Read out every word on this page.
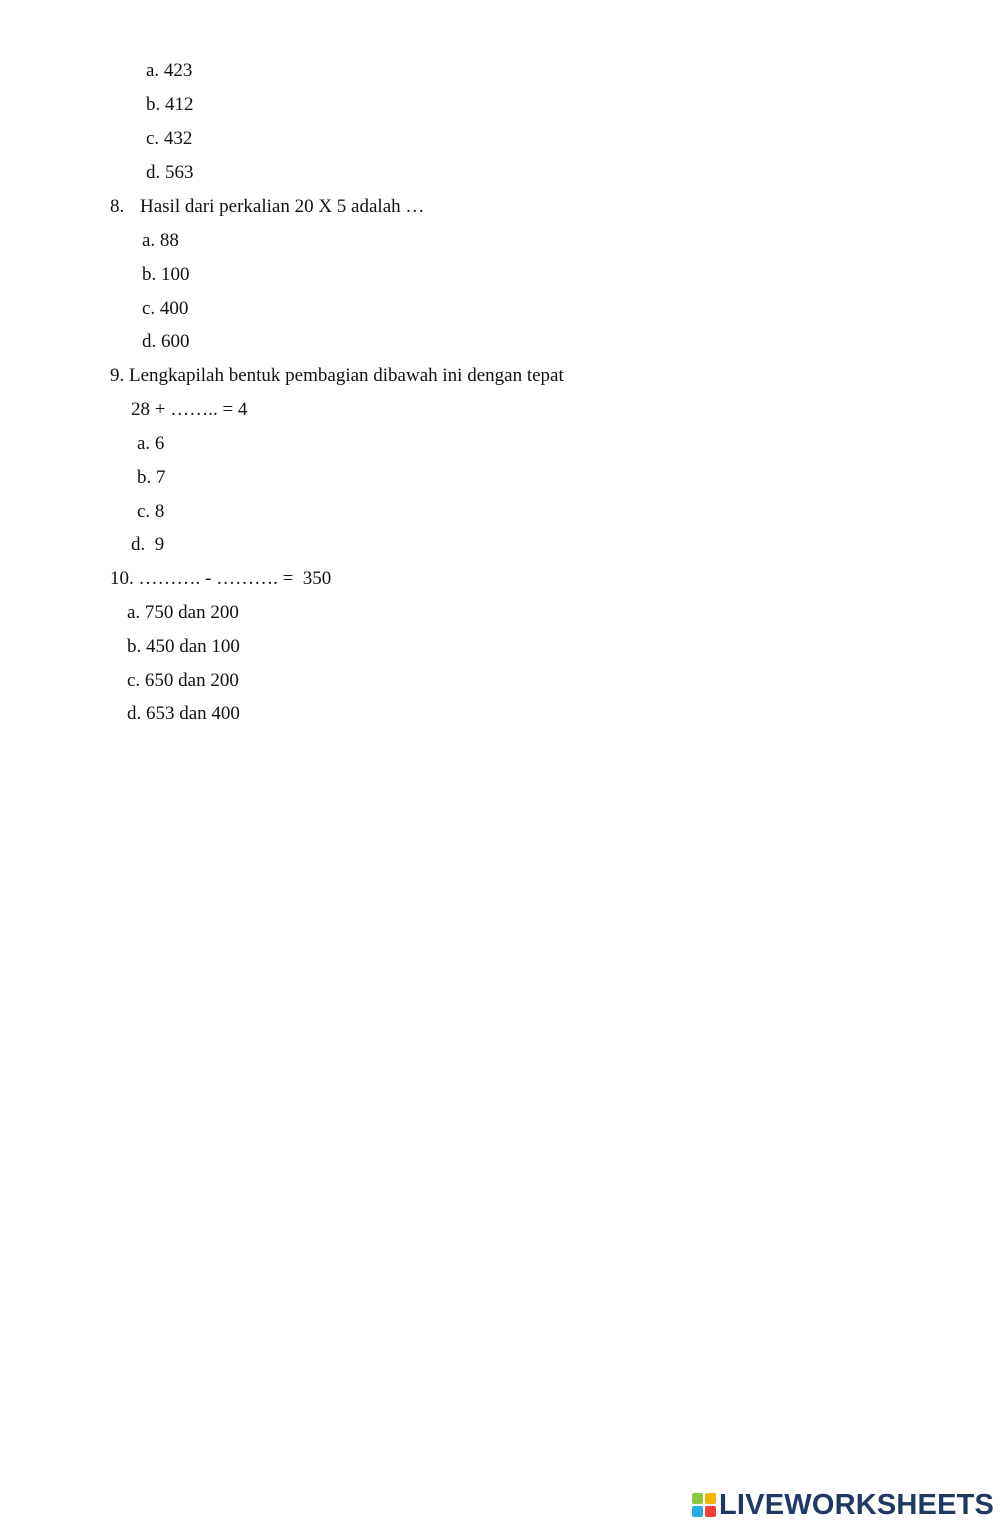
a. 423
b. 412
c. 432
d. 563
8. Hasil dari perkalian 20 X 5 adalah …
a. 88
b. 100
c. 400
d. 600
9. Lengkapilah bentuk pembagian dibawah ini dengan tepat
28 + …….. = 4
a. 6
b. 7
c. 8
d.  9
10. ………. - ………. =  350
a. 750 dan 200
b. 450 dan 100
c. 650 dan 200
d. 653 dan 400
LIVEWORKSHEETS
